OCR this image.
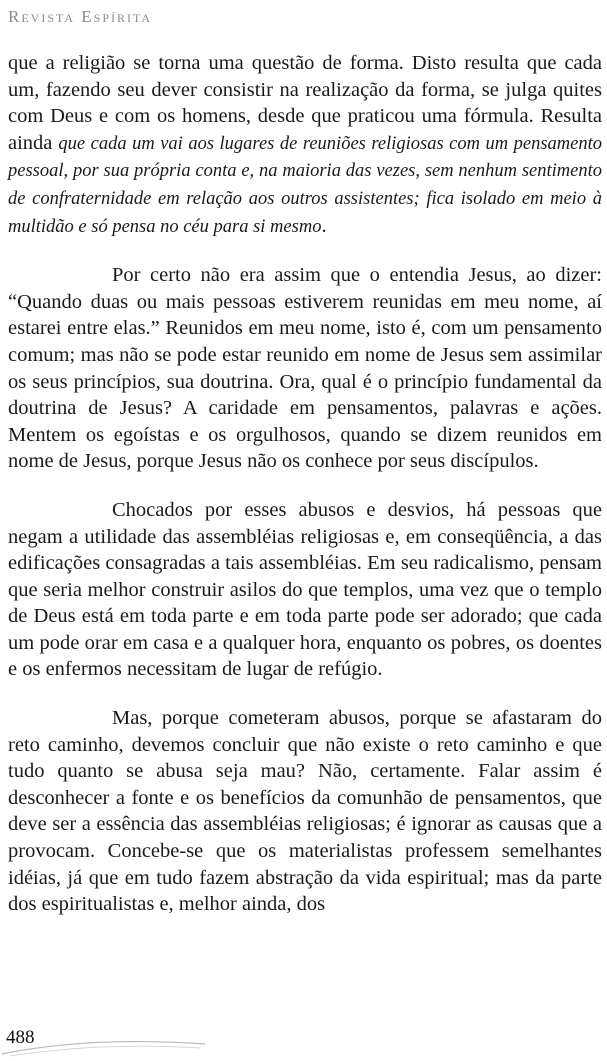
Revista Espírita

que a religião se torna uma questão de forma. Disto resulta que cada um, fazendo seu dever consistir na realização da forma, se julga quites com Deus e com os homens, desde que praticou uma fórmula. Resulta ainda que cada um vai aos lugares de reuniões religiosas com um pensamento pessoal, por sua própria conta e, na maioria das vezes, sem nenhum sentimento de confraternidade em relação aos outros assistentes; fica isolado em meio à multidão e só pensa no céu para si mesmo.

Por certo não era assim que o entendia Jesus, ao dizer: “Quando duas ou mais pessoas estiverem reunidas em meu nome, aí estarei entre elas.” Reunidos em meu nome, isto é, com um pensamento comum; mas não se pode estar reunido em nome de Jesus sem assimilar os seus princípios, sua doutrina. Ora, qual é o princípio fundamental da doutrina de Jesus? A caridade em pensamentos, palavras e ações. Mentem os egoístas e os orgulhosos, quando se dizem reunidos em nome de Jesus, porque Jesus não os conhece por seus discípulos.

Chocados por esses abusos e desvios, há pessoas que negam a utilidade das assembléias religiosas e, em conseqüência, a das edificações consagradas a tais assembléias. Em seu radicalismo, pensam que seria melhor construir asilos do que templos, uma vez que o templo de Deus está em toda parte e em toda parte pode ser adorado; que cada um pode orar em casa e a qualquer hora, enquanto os pobres, os doentes e os enfermos necessitam de lugar de refúgio.

Mas, porque cometeram abusos, porque se afastaram do reto caminho, devemos concluir que não existe o reto caminho e que tudo quanto se abusa seja mau? Não, certamente. Falar assim é desconhecer a fonte e os benefícios da comunhão de pensamentos, que deve ser a essência das assembléias religiosas; é ignorar as causas que a provocam. Concebe-se que os materialistas professem semelhantes idéias, já que em tudo fazem abstração da vida espiritual; mas da parte dos espiritualistas e, melhor ainda, dos

488
